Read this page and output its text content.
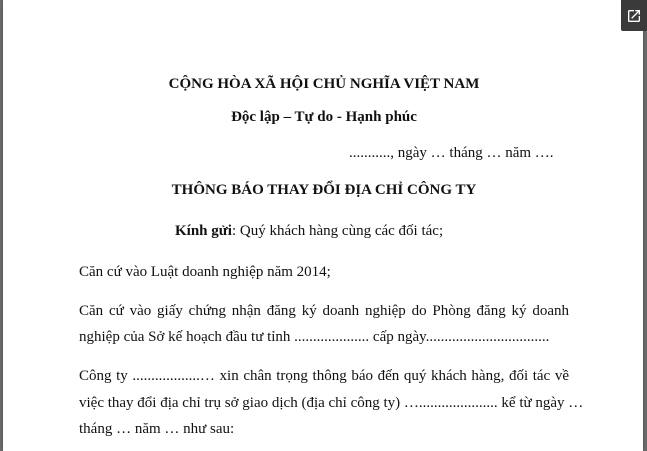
CỘNG HÒA XÃ HỘI CHỦ NGHĨA VIỆT NAM
Độc lập – Tự do - Hạnh phúc
..........., ngày … tháng … năm ….
THÔNG BÁO THAY ĐỔI ĐỊA CHỈ CÔNG TY
Kính gửi: Quý khách hàng cùng các đối tác;
Căn cứ vào Luật doanh nghiệp năm 2014;
Căn cứ vào giấy chứng nhận đăng ký doanh nghiệp do Phòng đăng ký doanh
nghiệp của Sở kế hoạch đầu tư tỉnh .................... cấp ngày.................................
Công ty ..................… xin chân trọng thông báo đến quý khách hàng, đối tác về
việc thay đổi địa chỉ trụ sở giao dịch (địa chỉ công ty) …..................... kể từ ngày …
tháng … năm … như sau:
